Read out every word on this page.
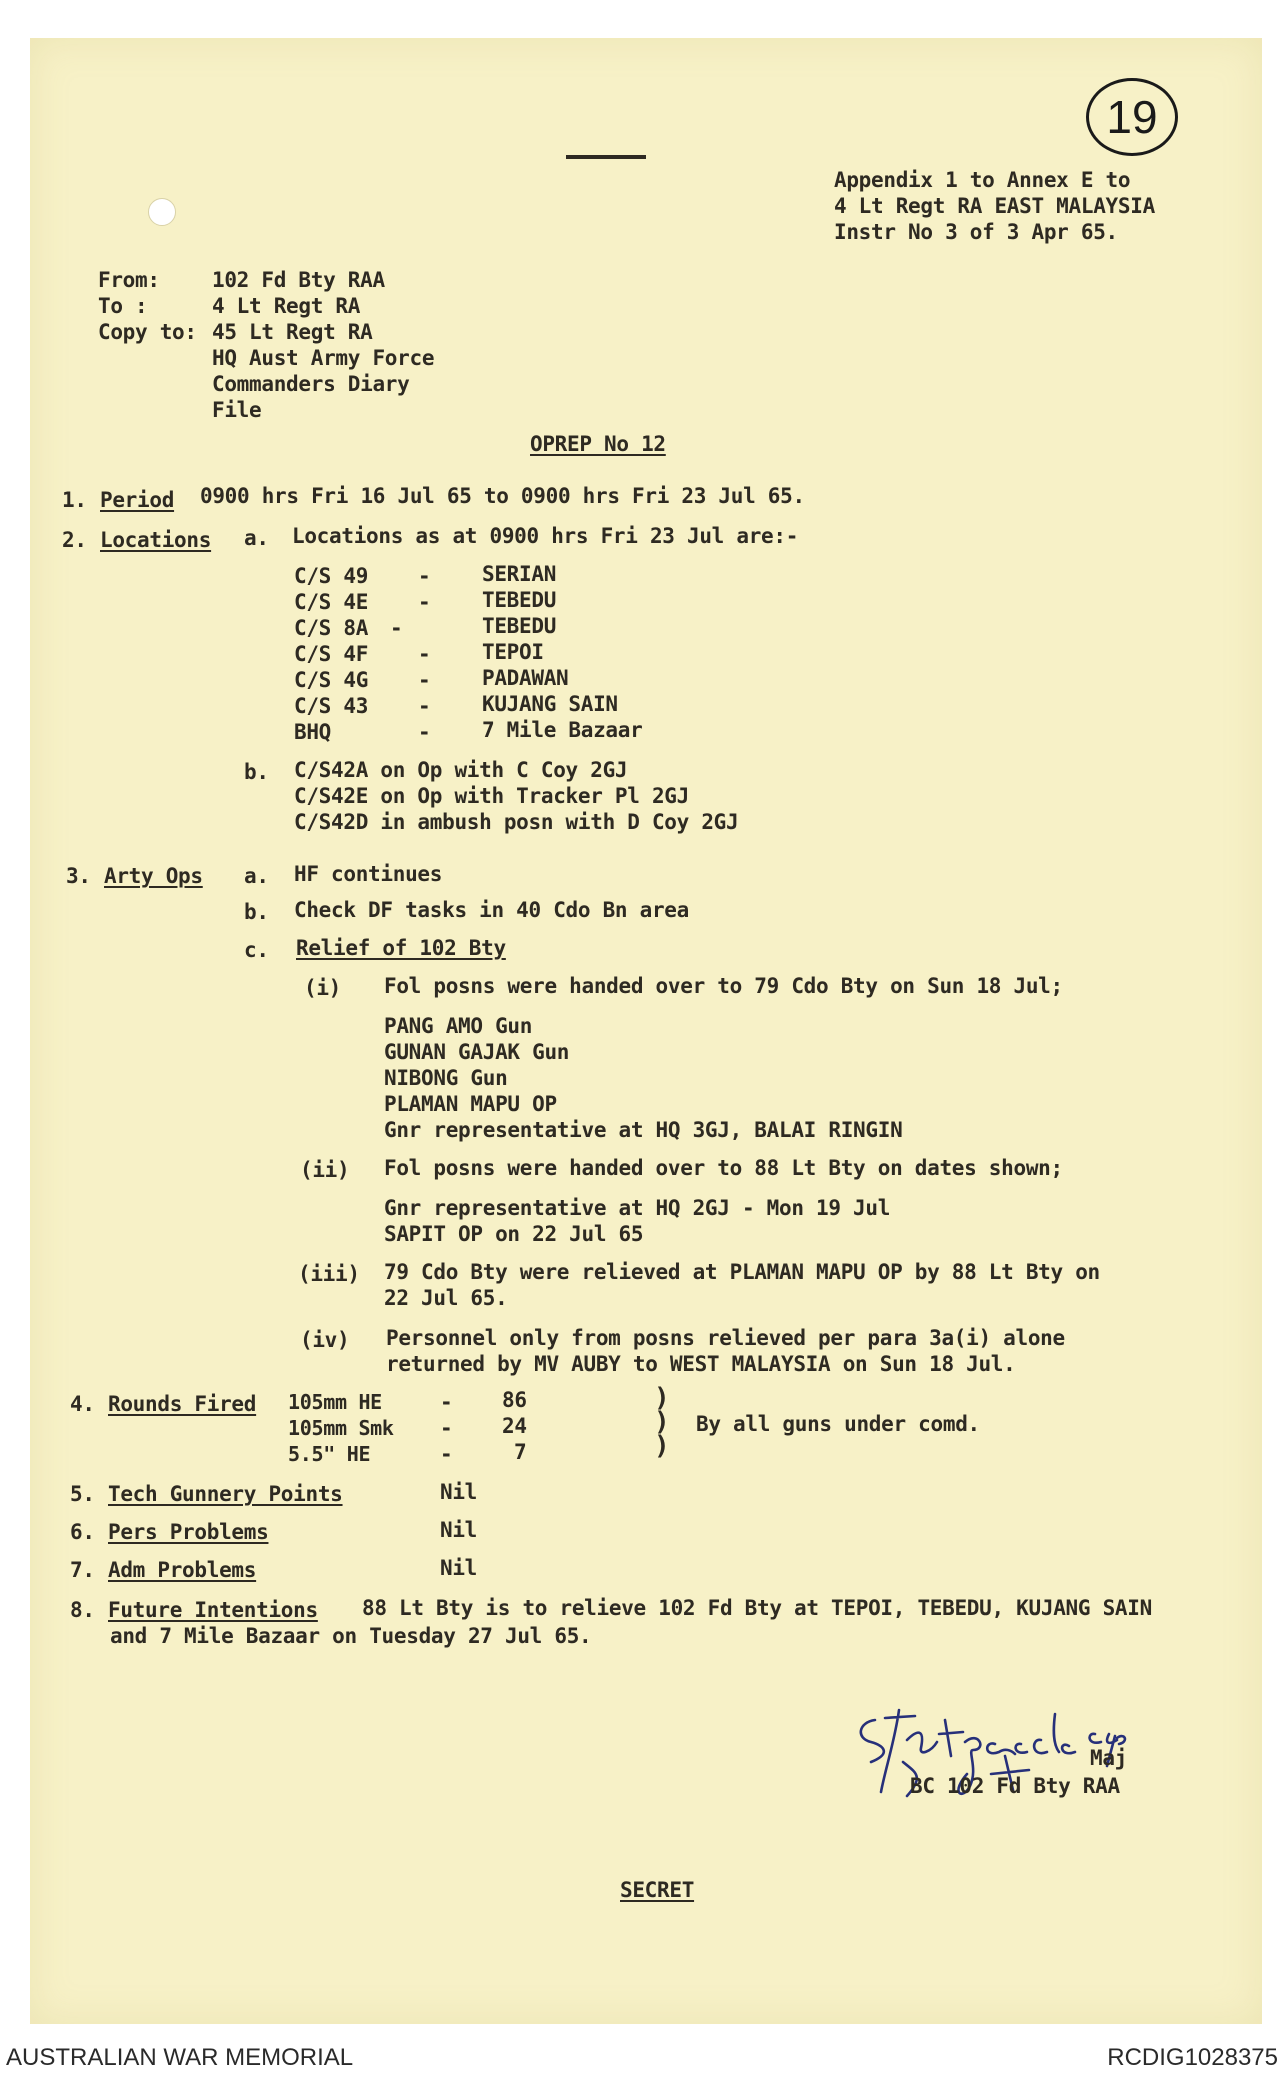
19
Appendix 1 to Annex E to
4 Lt Regt RA EAST MALAYSIA
Instr No 3 of 3 Apr 65.
From: 102 Fd Bty RAA
To :	4 Lt Regt RA
Copy to: 45 Lt Regt RA
HQ Aust Army Force
Commanders Diary
File
OPREP No 12
1. Period 0900 hrs Fri 16 Jul 65 to 0900 hrs Fri 23 Jul 65.
2. Locations a. Locations as at 0900 hrs Fri 23 Jul are:-
C/S 49 - SERIAN
C/S 4E - TEBEDU
C/S 8A -	TEBEDU
C/S 4F - TEPOI
C/S 4G - PADAWAN
C/S 43 - KUJANG SAIN
BHQ	- 7 Mile Bazaar
b. C/S42A on Op with C Coy 2GJ
C/S42E on Op with Tracker Pl 2GJ
C/S42D in ambush posn with D Coy 2GJ
3. Arty Ops a. HF continues
b. Check DF tasks in 40 Cdo Bn area
c. Relief of 102 Bty
(i) Fol posns were handed over to 79 Cdo Bty on Sun 18 Jul;
PANG AMO Gun
GUNAN GAJAK Gun
NIBONG Gun
PLAMAN MAPU OP
Gnr representative at HQ 3GJ, BALAI RINGIN
(ii) Fol posns were handed over to 88 Lt Bty on dates shown;
Gnr representative at HQ 2GJ - Mon 19 Jul
SAPIT OP on 22 Jul 65
(iii) 79 Cdo Bty were relieved at PLAMAN MAPU OP by 88 Lt Bty on
22 Jul 65.
(iv) Personnel only from posns relieved per para 3a(i) alone
returned by MV AUBY to WEST MALAYSIA on Sun 18 Jul.
4. Rounds Fired 105mm HE	- 86
105mm Smk - 24
5.5" HE	-	7
)
)
)
By all guns under comd.
5. Tech Gunnery Points	Nil
6. Pers Problems	Nil
7. Adm Problems	Nil
8. Future Intentions 88 Lt Bty is to relieve 102 Fd Bty at TEPOI, TEBEDU, KUJANG SAIN
and 7 Mile Bazaar on Tuesday 27 Jul 65.
Maj
BC 102 Fd Bty RAA
SECRET
AUSTRALIAN WAR MEMORIAL	RCDIG1028375
